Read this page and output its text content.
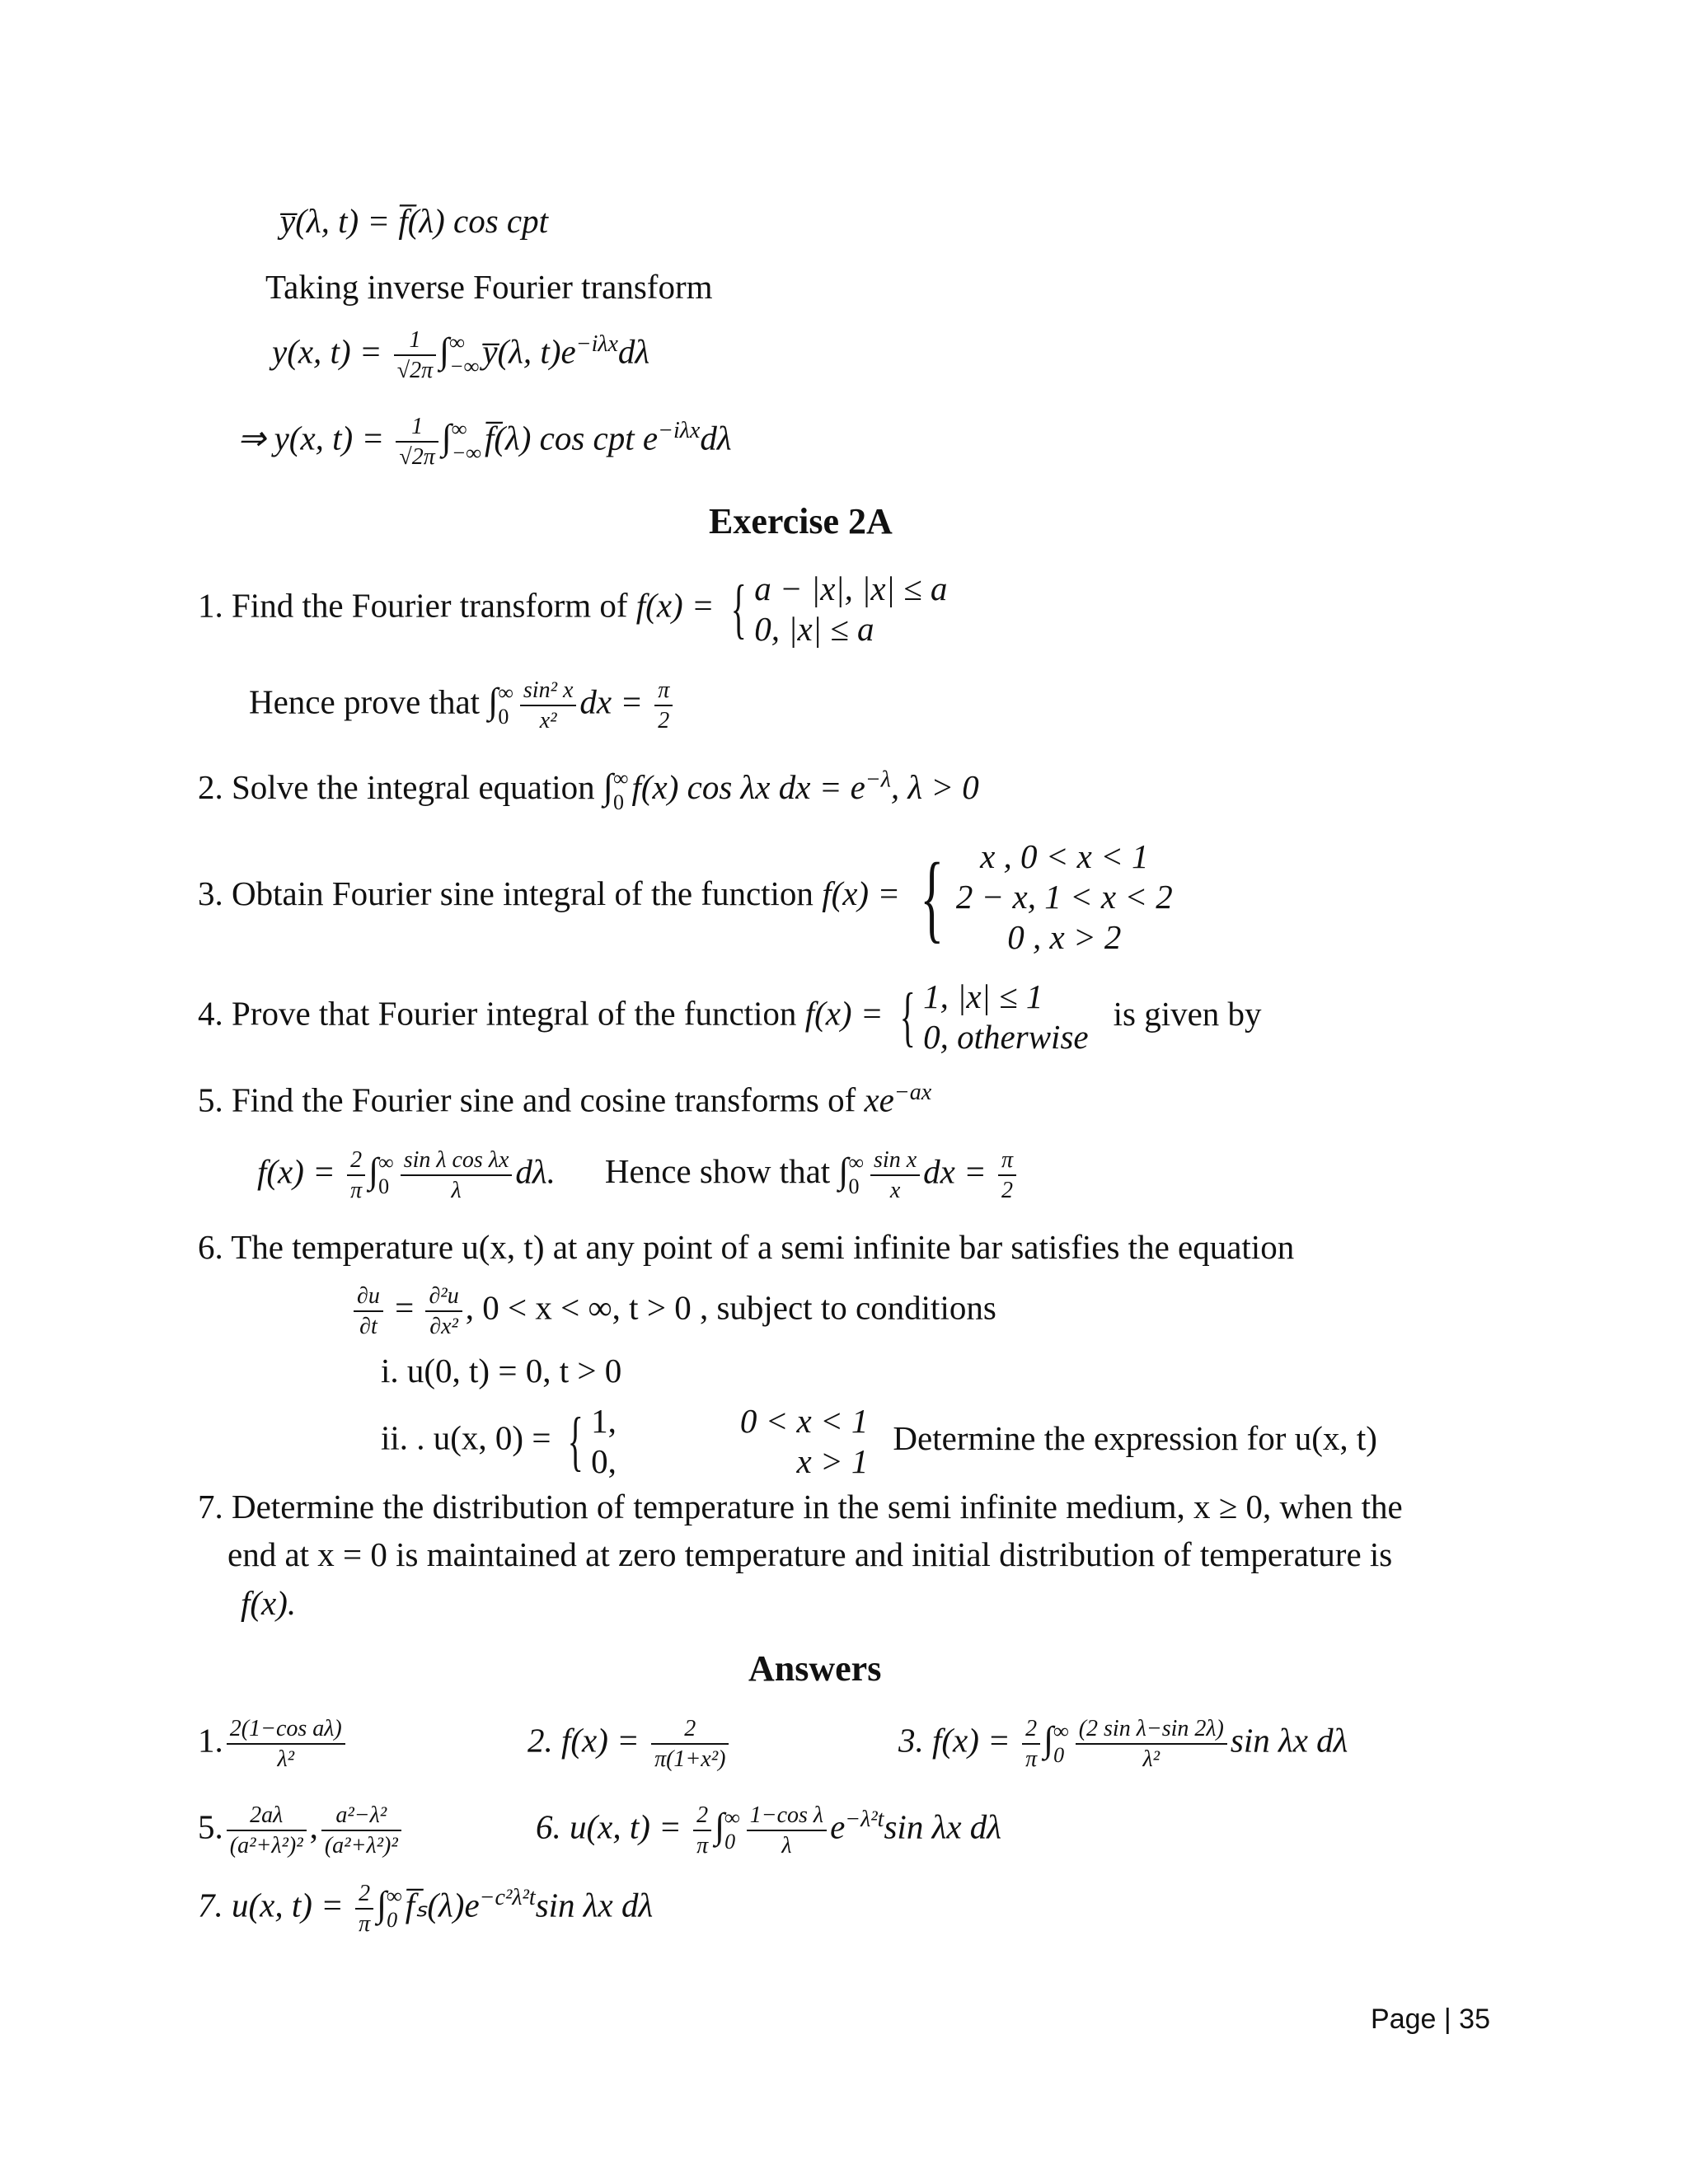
y̅(λ, t) = f̅(λ) cos cpt
Taking inverse Fourier transform
y(x, $t) = \frac{1}{√2\pi}$ ∫ ∞
−∞ y̅(λ, $t)e^{-i\lambda x}d\lambda$
⇒ y(x, $t) = \frac{1}{√2\pi}$ ∫ ∞
−∞ f̅(λ) cos cpt $e^{-i\lambda x}d\lambda$
Exercise 2A
1. Find the Fourier transform of f(x) = { a − |x|, |x| ≤ a
0, |x| ≤ a
Hence prove that ∫ ∞
$0 \frac{\text{sin² x}}{\text{x²}}$ dx = $\frac{\pi}{2}$
2. Solve the integral equation ∫ ∞
0 f(x) cos λx dx = $e^{-\lambda}$, λ > 0
3. Obtain Fourier sine integral of the function f(x) = {	x , 0 < x < 1
2 − x, 1 < x < 2
0 , x > 2
4. Prove that Fourier integral of the function f(x) = { 1, |x| ≤ 1
0, otherwise
is given by
5. Find the Fourier sine and cosine transforms of $xe^{-ax}$
$f(x) = \frac{2}{\pi}$ ∫ ∞
$0 \frac{\text{sin λ cos λx}}{\lambda} d\lambda$. Hence show that ∫ ∞
$0 \frac{\text{sin x}}{x}$ dx = $\frac{\pi}{2}$
6. The temperature u(x, t) at any point of a semi infinite bar satisfies the equation
$\frac{\partial u}{\partial t} = \frac{\text{∂²u}}{\text{∂x²}}$ , 0 < x < ∞, t > 0 , subject to conditions
i. u(0, t) = 0, t > 0
ii. . u(x, 0) = { 1,
0,
0 < x < 1
x > 1
Determine the expression for u(x, t)
7. Determine the distribution of temperature in the semi infinite medium, x ≥ 0, when the
end at x = 0 is maintained at zero temperature and initial distribution of temperature is
f(x).
Answers
1. $\frac{\text{2(1−cos aλ)}}{\text{λ²}}$	2. $f(x) = \frac{2}{\text{π(1+x²)}}$	3. $f(x) = \frac{2}{\pi}$ ∫ ∞
$0 \frac{\text{(2 sin λ−sin 2λ)}}{\text{λ²}}$ sin λx dλ
5. $\frac{2a\lambda}{\text{(a²+λ²)²}}$ , $\frac{\text{a²−λ²}}{\text{(a²+λ²)²}}$	6. u(x, $t) = \frac{2}{\pi}$ ∫ ∞
$0 \frac{\text{1−cos λ}}{\lambda} e^{-\lambda^2t}\sin$ λx dλ
7. u(x, $t) = \frac{2}{\pi}$ ∫ ∞
0 $f̅_s(\lambda)e^{-c^2\lambda^2t}\sin$ λx dλ
Page | 35
